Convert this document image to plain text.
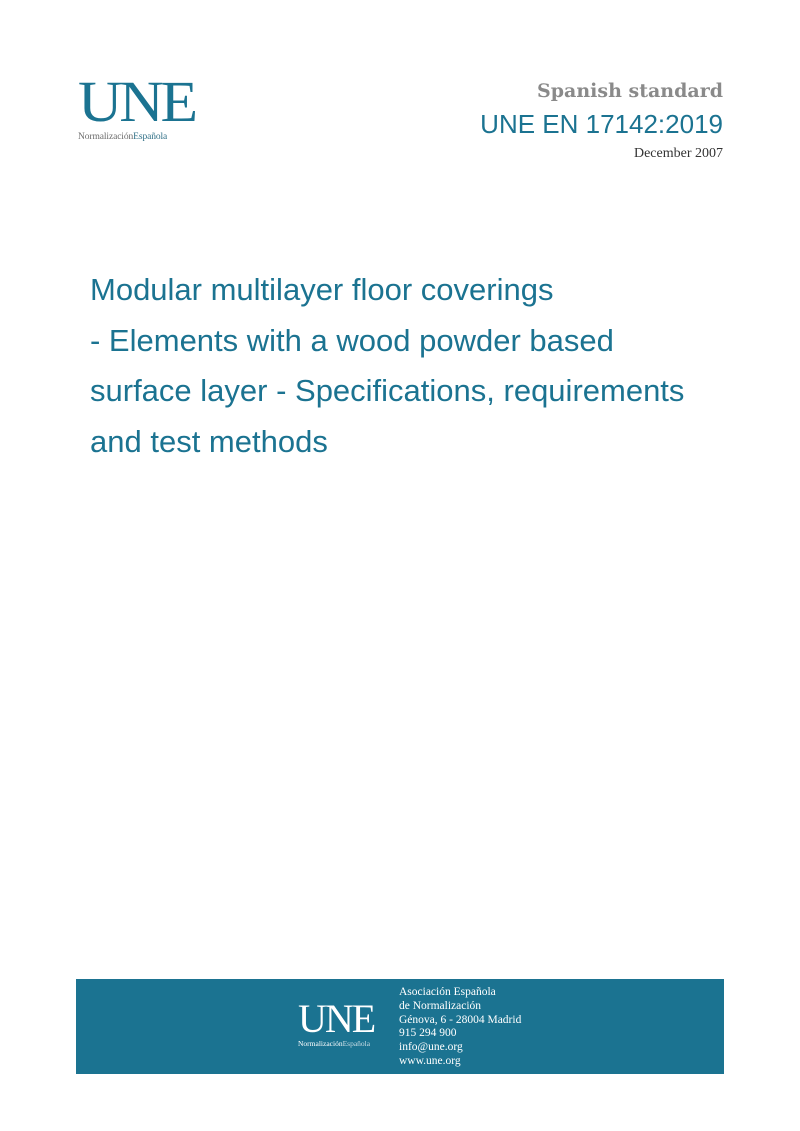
UNE
NormalizaciónEspañola
Spanish standard
UNE EN 17142:2019
December 2007
Modular multilayer floor coverings
- Elements with a wood powder based
surface layer - Specifications, requirements
and test methods
UNE
NormalizaciónEspañola
Asociación Española
de Normalización
Génova, 6 - 28004 Madrid
915 294 900
info@une.org
www.une.org
